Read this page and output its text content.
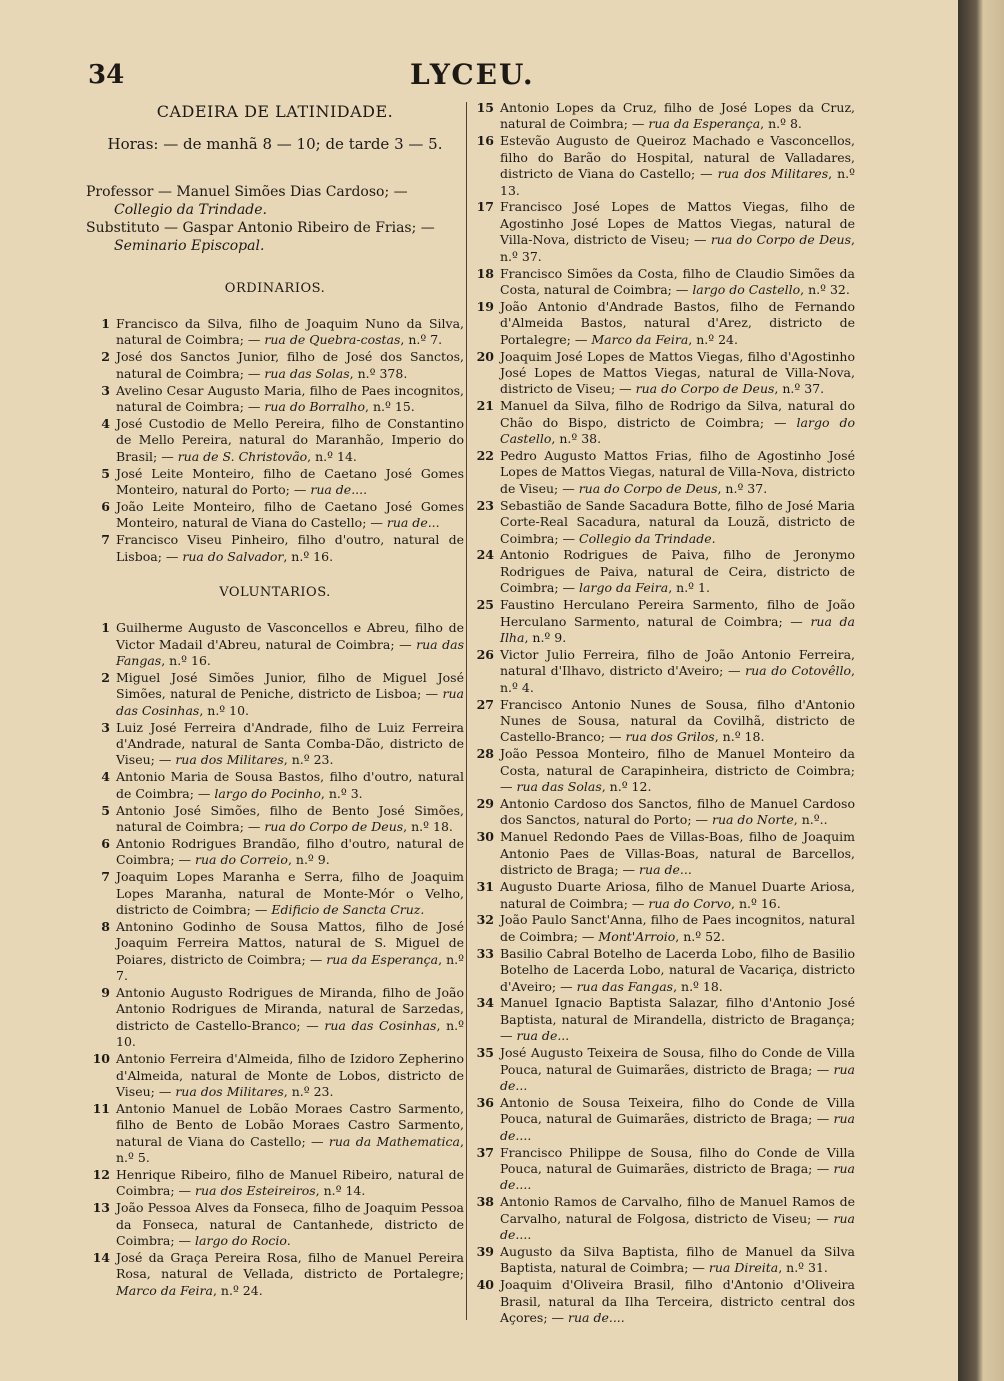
34	LYCEU.
CADEIRA DE LATINIDADE.
Horas: — de manhã 8 — 10; de tarde 3 — 5.
Professor — Manuel Simões Dias Cardoso; — Collegio da Trindade.
Substituto — Gaspar Antonio Ribeiro de Frias; — Seminario Episcopal.
ORDINARIOS.
1 Francisco da Silva, filho de Joaquim Nuno da Silva, natural de Coimbra; — rua de Quebra-costas, n.º 7.
2 José dos Sanctos Junior, filho de José dos Sanctos, natural de Coimbra; — rua das Solas, n.º 378.
3 Avelino Cesar Augusto Maria, filho de Paes incognitos, natural de Coimbra; — rua do Borralho, n.º 15.
4 José Custodio de Mello Pereira, filho de Constantino de Mello Pereira, natural do Maranhão, Imperio do Brasil; — rua de S. Christovão, n.º 14.
5 José Leite Monteiro, filho de Caetano José Gomes Monteiro, natural do Porto; — rua de....
6 João Leite Monteiro, filho de Caetano José Gomes Monteiro, natural de Viana do Castello; — rua de...
7 Francisco Viseu Pinheiro, filho d'outro, natural de Lisboa; — rua do Salvador, n.º 16.
VOLUNTARIOS.
1 Guilherme Augusto de Vasconcellos e Abreu, filho de Victor Madail d'Abreu, natural de Coimbra; — rua das Fangas, n.º 16.
2 Miguel José Simões Junior, filho de Miguel José Simões, natural de Peniche, districto de Lisboa; — rua das Cosinhas, n.º 10.
3 Luiz José Ferreira d'Andrade, filho de Luiz Ferreira d'Andrade, natural de Santa Comba-Dão, districto de Viseu; — rua dos Militares, n.º 23.
4 Antonio Maria de Sousa Bastos, filho d'outro, natural de Coimbra; — largo do Pocinho, n.º 3.
5 Antonio José Simões, filho de Bento José Simões, natural de Coimbra; — rua do Corpo de Deus, n.º 18.
6 Antonio Rodrigues Brandão, filho d'outro, natural de Coimbra; — rua do Correio, n.º 9.
7 Joaquim Lopes Maranha e Serra, filho de Joaquim Lopes Maranha, natural de Monte-Mór o Velho, districto de Coimbra; — Edificio de Sancta Cruz.
8 Antonino Godinho de Sousa Mattos, filho de José Joaquim Ferreira Mattos, natural de S. Miguel de Poiares, districto de Coimbra; — rua da Esperança, n.º 7.
9 Antonio Augusto Rodrigues de Miranda, filho de João Antonio Rodrigues de Miranda, natural de Sarzedas, districto de Castello-Branco; — rua das Cosinhas, n.º 10.
10 Antonio Ferreira d'Almeida, filho de Izidoro Zepherino d'Almeida, natural de Monte de Lobos, districto de Viseu; — rua dos Militares, n.º 23.
11 Antonio Manuel de Lobão Moraes Castro Sarmento, filho de Bento de Lobão Moraes Castro Sarmento, natural de Viana do Castello; — rua da Mathematica, n.º 5.
12 Henrique Ribeiro, filho de Manuel Ribeiro, natural de Coimbra; — rua dos Esteireiros, n.º 14.
13 João Pessoa Alves da Fonseca, filho de Joaquim Pessoa da Fonseca, natural de Cantanhede, districto de Coimbra; — largo do Rocio.
14 José da Graça Pereira Rosa, filho de Manuel Pereira Rosa, natural de Vellada, districto de Portalegre; Marco da Feira, n.º 24.
15 Antonio Lopes da Cruz, filho de José Lopes da Cruz, natural de Coimbra; — rua da Esperança, n.º 8.
16 Estevão Augusto de Queiroz Machado e Vasconcellos, filho do Barão do Hospital, natural de Valladares, districto de Viana do Castello; — rua dos Militares, n.º 13.
17 Francisco José Lopes de Mattos Viegas, filho de Agostinho José Lopes de Mattos Viegas, natural de Villa-Nova, districto de Viseu; — rua do Corpo de Deus, n.º 37.
18 Francisco Simões da Costa, filho de Claudio Simões da Costa, natural de Coimbra; — largo do Castello, n.º 32.
19 João Antonio d'Andrade Bastos, filho de Fernando d'Almeida Bastos, natural d'Arez, districto de Portalegre; — Marco da Feira, n.º 24.
20 Joaquim José Lopes de Mattos Viegas, filho d'Agostinho José Lopes de Mattos Viegas, natural de Villa-Nova, districto de Viseu; — rua do Corpo de Deus, n.º 37.
21 Manuel da Silva, filho de Rodrigo da Silva, natural do Chão do Bispo, districto de Coimbra; — largo do Castello, n.º 38.
22 Pedro Augusto Mattos Frias, filho de Agostinho José Lopes de Mattos Viegas, natural de Villa-Nova, districto de Viseu; — rua do Corpo de Deus, n.º 37.
23 Sebastião de Sande Sacadura Botte, filho de José Maria Corte-Real Sacadura, natural da Louzã, districto de Coimbra; — Collegio da Trindade.
24 Antonio Rodrigues de Paiva, filho de Jeronymo Rodrigues de Paiva, natural de Ceira, districto de Coimbra; — largo da Feira, n.º 1.
25 Faustino Herculano Pereira Sarmento, filho de João Herculano Sarmento, natural de Coimbra; — rua da Ilha, n.º 9.
26 Victor Julio Ferreira, filho de João Antonio Ferreira, natural d'Ilhavo, districto d'Aveiro; — rua do Cotovêllo, n.º 4.
27 Francisco Antonio Nunes de Sousa, filho d'Antonio Nunes de Sousa, natural da Covilhã, districto de Castello-Branco; — rua dos Grilos, n.º 18.
28 João Pessoa Monteiro, filho de Manuel Monteiro da Costa, natural de Carapinheira, districto de Coimbra; — rua das Solas, n.º 12.
29 Antonio Cardoso dos Sanctos, filho de Manuel Cardoso dos Sanctos, natural do Porto; — rua do Norte, n.º..
30 Manuel Redondo Paes de Villas-Boas, filho de Joaquim Antonio Paes de Villas-Boas, natural de Barcellos, districto de Braga; — rua de...
31 Augusto Duarte Ariosa, filho de Manuel Duarte Ariosa, natural de Coimbra; — rua do Corvo, n.º 16.
32 João Paulo Sanct'Anna, filho de Paes incognitos, natural de Coimbra; — Mont'Arroio, n.º 52.
33 Basilio Cabral Botelho de Lacerda Lobo, filho de Basilio Botelho de Lacerda Lobo, natural de Vacariça, districto d'Aveiro; — rua das Fangas, n.º 18.
34 Manuel Ignacio Baptista Salazar, filho d'Antonio José Baptista, natural de Mirandella, districto de Bragança; — rua de...
35 José Augusto Teixeira de Sousa, filho do Conde de Villa Pouca, natural de Guimarães, districto de Braga; — rua de...
36 Antonio de Sousa Teixeira, filho do Conde de Villa Pouca, natural de Guimarães, districto de Braga; — rua de....
37 Francisco Philippe de Sousa, filho do Conde de Villa Pouca, natural de Guimarães, districto de Braga; — rua de....
38 Antonio Ramos de Carvalho, filho de Manuel Ramos de Carvalho, natural de Folgosa, districto de Viseu; — rua de....
39 Augusto da Silva Baptista, filho de Manuel da Silva Baptista, natural de Coimbra; — rua Direita, n.º 31.
40 Joaquim d'Oliveira Brasil, filho d'Antonio d'Oliveira Brasil, natural da Ilha Terceira, districto central dos Açores; — rua de....
